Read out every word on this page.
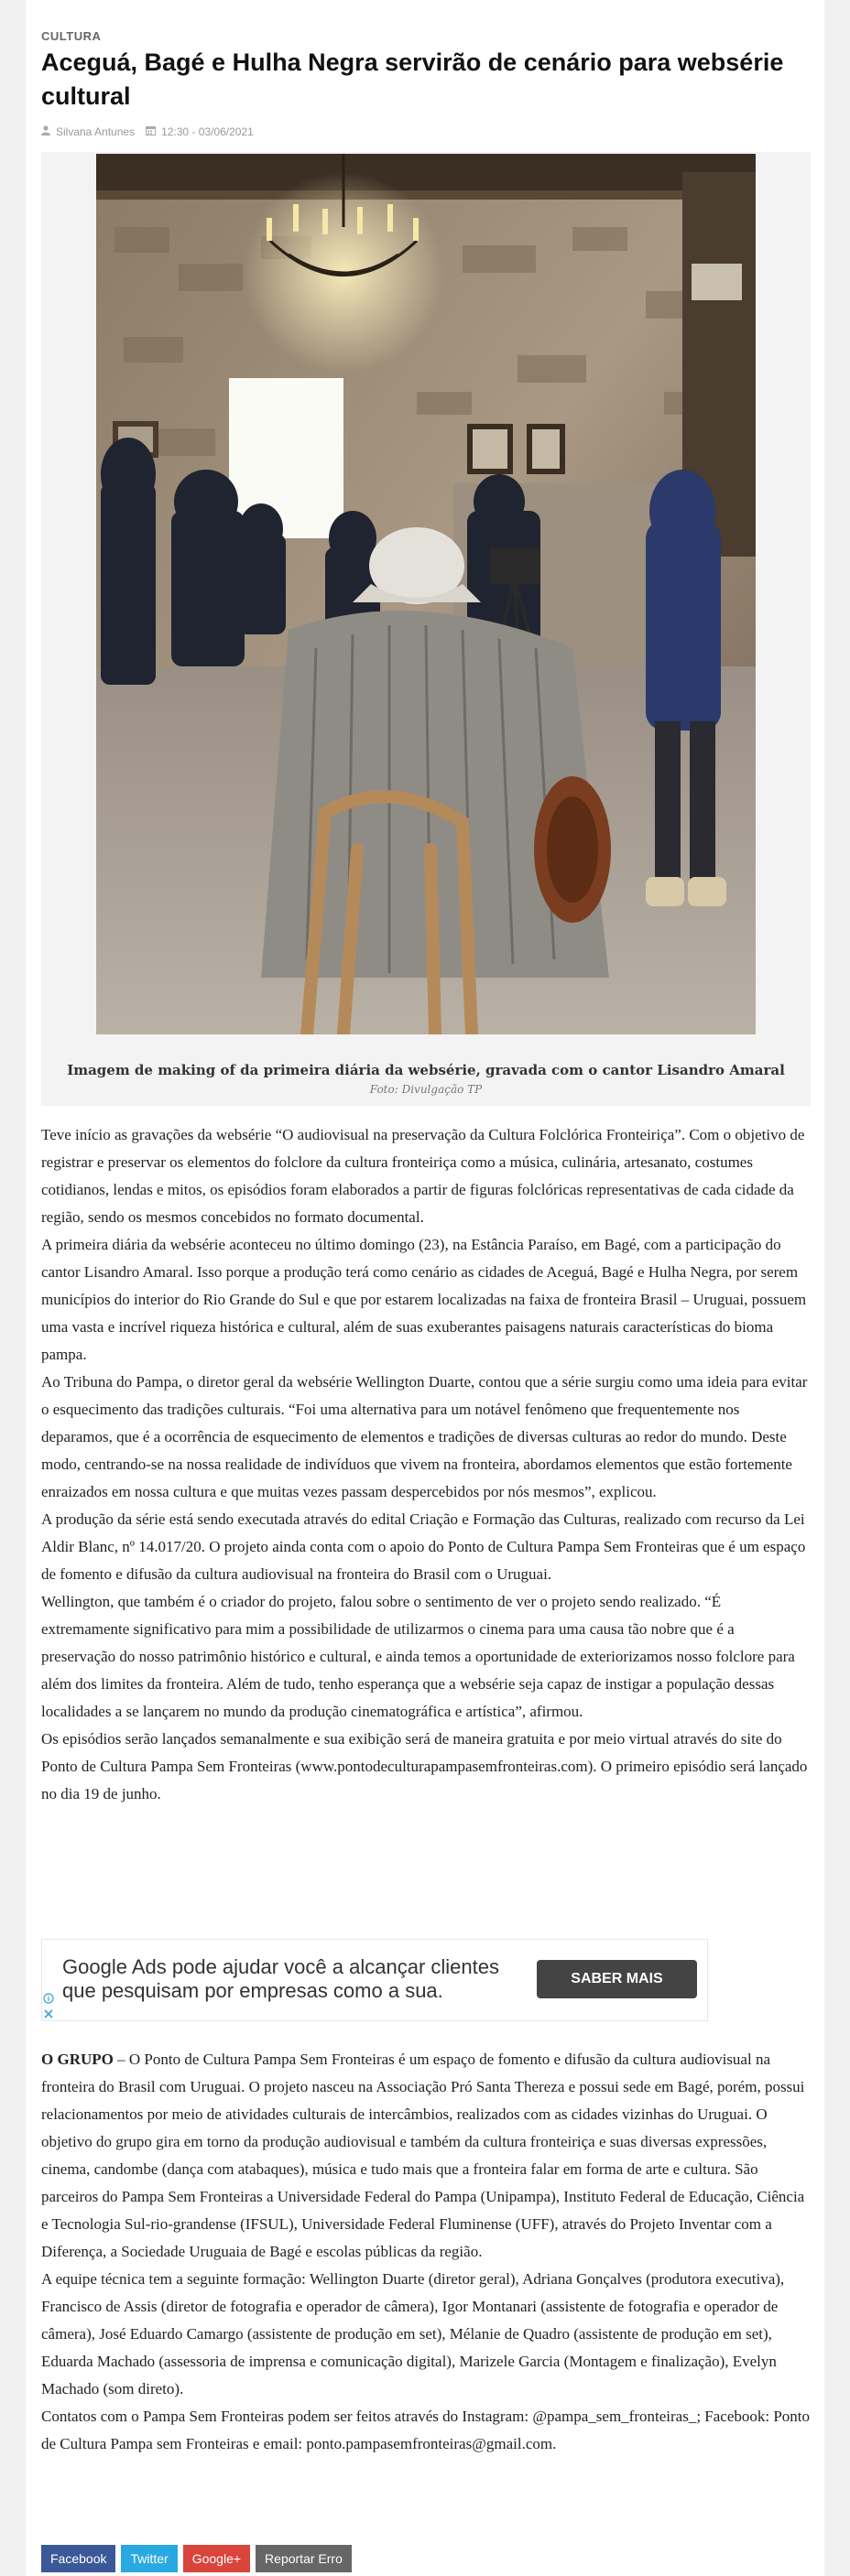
CULTURA
Aceguá, Bagé e Hulha Negra servirão de cenário para websérie cultural
Silvana Antunes 12:30 - 03/06/2021
Imagem de making of da primeira diária da websérie, gravada com o cantor Lisandro Amaral
Foto: Divulgação TP

Teve início as gravações da websérie “O audiovisual na preservação da Cultura Folclórica Fronteiriça”. Com o objetivo de registrar e preservar os elementos do folclore da cultura fronteiriça como a música, culinária, artesanato, costumes cotidianos, lendas e mitos, os episódios foram elaborados a partir de figuras folclóricas representativas de cada cidade da região, sendo os mesmos concebidos no formato documental.

A primeira diária da websérie aconteceu no último domingo (23), na Estância Paraíso, em Bagé, com a participação do cantor Lisandro Amaral. Isso porque a produção terá como cenário as cidades de Aceguá, Bagé e Hulha Negra, por serem municípios do interior do Rio Grande do Sul e que por estarem localizadas na faixa de fronteira Brasil – Uruguai, possuem uma vasta e incrível riqueza histórica e cultural, além de suas exuberantes paisagens naturais características do bioma pampa.

Ao Tribuna do Pampa, o diretor geral da websérie Wellington Duarte, contou que a série surgiu como uma ideia para evitar o esquecimento das tradições culturais. “Foi uma alternativa para um notável fenômeno que frequentemente nos deparamos, que é a ocorrência de esquecimento de elementos e tradições de diversas culturas ao redor do mundo. Deste modo, centrando-se na nossa realidade de indivíduos que vivem na fronteira, abordamos elementos que estão fortemente enraizados em nossa cultura e que muitas vezes passam despercebidos por nós mesmos”, explicou.

A produção da série está sendo executada através do edital Criação e Formação das Culturas, realizado com recurso da Lei Aldir Blanc, nº 14.017/20. O projeto ainda conta com o apoio do Ponto de Cultura Pampa Sem Fronteiras que é um espaço de fomento e difusão da cultura audiovisual na fronteira do Brasil com o Uruguai.

Wellington, que também é o criador do projeto, falou sobre o sentimento de ver o projeto sendo realizado. “É extremamente significativo para mim a possibilidade de utilizarmos o cinema para uma causa tão nobre que é a preservação do nosso patrimônio histórico e cultural, e ainda temos a oportunidade de exteriorizamos nosso folclore para além dos limites da fronteira. Além de tudo, tenho esperança que a websérie seja capaz de instigar a população dessas localidades a se lançarem no mundo da produção cinematográfica e artística”, afirmou.

Os episódios serão lançados semanalmente e sua exibição será de maneira gratuita e por meio virtual através do site do Ponto de Cultura Pampa Sem Fronteiras (www.pontodeculturapampasemfronteiras.com). O primeiro episódio será lançado no dia 19 de junho.

Google Ads pode ajudar você a alcançar clientes que pesquisam por empresas como a sua.
SABER MAIS

O GRUPO – O Ponto de Cultura Pampa Sem Fronteiras é um espaço de fomento e difusão da cultura audiovisual na fronteira do Brasil com Uruguai. O projeto nasceu na Associação Pró Santa Thereza e possui sede em Bagé, porém, possui relacionamentos por meio de atividades culturais de intercâmbios, realizados com as cidades vizinhas do Uruguai. O objetivo do grupo gira em torno da produção audiovisual e também da cultura fronteiriça e suas diversas expressões, cinema, candombe (dança com atabaques), música e tudo mais que a fronteira falar em forma de arte e cultura. São parceiros do Pampa Sem Fronteiras a Universidade Federal do Pampa (Unipampa), Instituto Federal de Educação, Ciência e Tecnologia Sul-rio-grandense (IFSUL), Universidade Federal Fluminense (UFF), através do Projeto Inventar com a Diferença, a Sociedade Uruguaia de Bagé e escolas públicas da região.

A equipe técnica tem a seguinte formação: Wellington Duarte (diretor geral), Adriana Gonçalves (produtora executiva), Francisco de Assis (diretor de fotografia e operador de câmera), Igor Montanari (assistente de fotografia e operador de câmera), José Eduardo Camargo (assistente de produção em set), Mélanie de Quadro (assistente de produção em set), Eduarda Machado (assessoria de imprensa e comunicação digital), Marizele Garcia (Montagem e finalização), Evelyn Machado (som direto).

Contatos com o Pampa Sem Fronteiras podem ser feitos através do Instagram: @pampa_sem_fronteiras_; Facebook: Ponto de Cultura Pampa sem Fronteiras e email: ponto.pampasemfronteiras@gmail.com.

Facebook	Twitter	Google+	Reportar Erro
